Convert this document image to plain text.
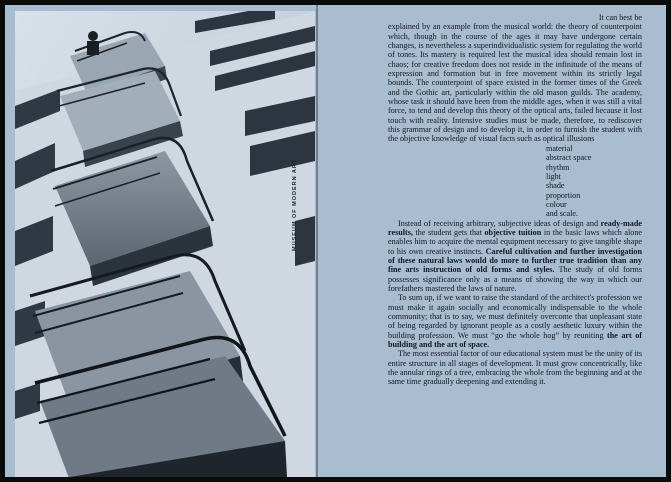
MUSEUM OF MODERN ART

It can best be
explained by an example from the musical world: the theory of counterpoint which, though in the course of the ages it may have undergone certain changes, is nevertheless a superindividualistic system for regulating the world of tones. Its mastery is required lest the musical idea should remain lost in chaos; for creative freedom does not reside in the infinitude of the means of expression and formation but in free movement within its strictly legal bounds. The counterpoint of space existed in the former times of the Greek and the Gothic art, particularly within the old mason guilds. The academy, whose task it should have been from the middle ages, when it was still a vital force, to tend and develop this theory of the optical arts, failed because it lost touch with reality. Intensive studies must be made, therefore, to rediscover this grammar of design and to develop it, in order to furnish the student with the objective knowledge of visual facts such as optical illusions

material
abstract space
rhythm
light
shade
proportion
colour
and scale.

Instead of receiving arbitrary, subjective ideas of design and ready-made results, the student gets that objective tuition in the basic laws which alone enables him to acquire the mental equipment necessary to give tangible shape to his own creative instincts. Careful cultivation and further investigation of these natural laws would do more to further true tradition than any fine arts instruction of old forms and styles. The study of old forms possesses significance only as a means of showing the way in which our forefathers mastered the laws of nature.

To sum up, if we want to raise the standard of the architect's profession we must make it again socially and economically indispensable to the whole community; that is to say, we must definitely overcome that unpleasant state of being regarded by ignorant people as a costly aesthetic luxury within the building profession. We must “go the whole hog” by reuniting the art of building and the art of space.

The most essential factor of our educational system must be the unity of its entire structure in all stages of development. It must grow concentrically, like the annular rings of a tree, embracing the whole from the beginning and at the same time gradually deepening and extending it.
